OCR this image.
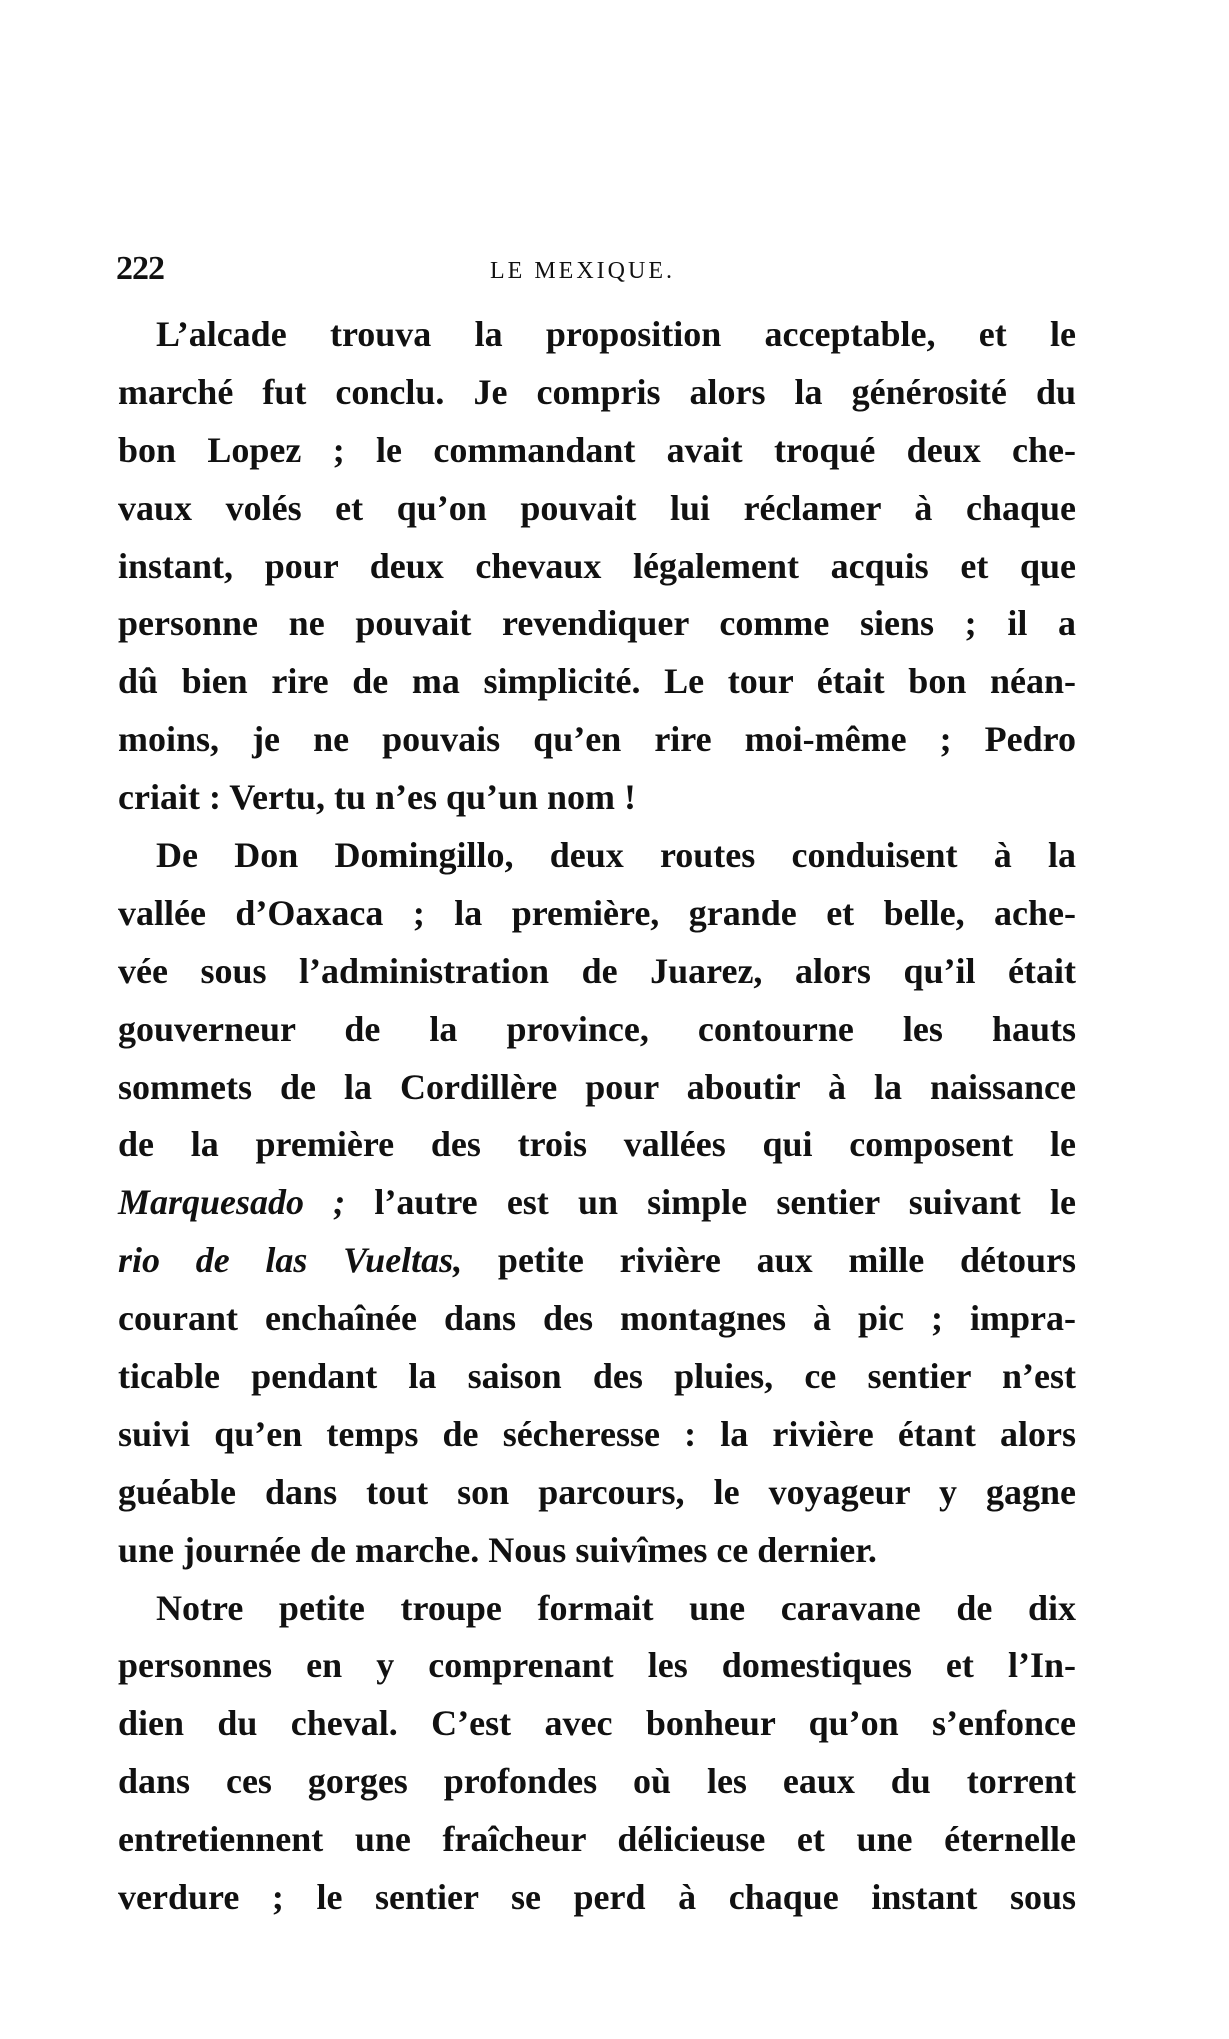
222	LE MEXIQUE.
L’alcade trouva la proposition acceptable, et le
marché fut conclu. Je compris alors la générosité du
bon Lopez ; le commandant avait troqué deux che-
vaux volés et qu’on pouvait lui réclamer à chaque
instant, pour deux chevaux légalement acquis et que
personne ne pouvait revendiquer comme siens ; il a
dû bien rire de ma simplicité. Le tour était bon néan-
moins, je ne pouvais qu’en rire moi-même ; Pedro
criait : Vertu, tu n’es qu’un nom !
De Don Domingillo, deux routes conduisent à la
vallée d’Oaxaca ; la première, grande et belle, ache-
vée sous l’administration de Juarez, alors qu’il était
gouverneur de la province, contourne les hauts
sommets de la Cordillère pour aboutir à la naissance
de la première des trois vallées qui composent le
Marquesado ; l’autre est un simple sentier suivant le
rio de las Vueltas, petite rivière aux mille détours
courant enchaînée dans des montagnes à pic ; impra-
ticable pendant la saison des pluies, ce sentier n’est
suivi qu’en temps de sécheresse : la rivière étant alors
guéable dans tout son parcours, le voyageur y gagne
une journée de marche. Nous suivîmes ce dernier.
Notre petite troupe formait une caravane de dix
personnes en y comprenant les domestiques et l’In-
dien du cheval. C’est avec bonheur qu’on s’enfonce
dans ces gorges profondes où les eaux du torrent
entretiennent une fraîcheur délicieuse et une éternelle
verdure ; le sentier se perd à chaque instant sous
